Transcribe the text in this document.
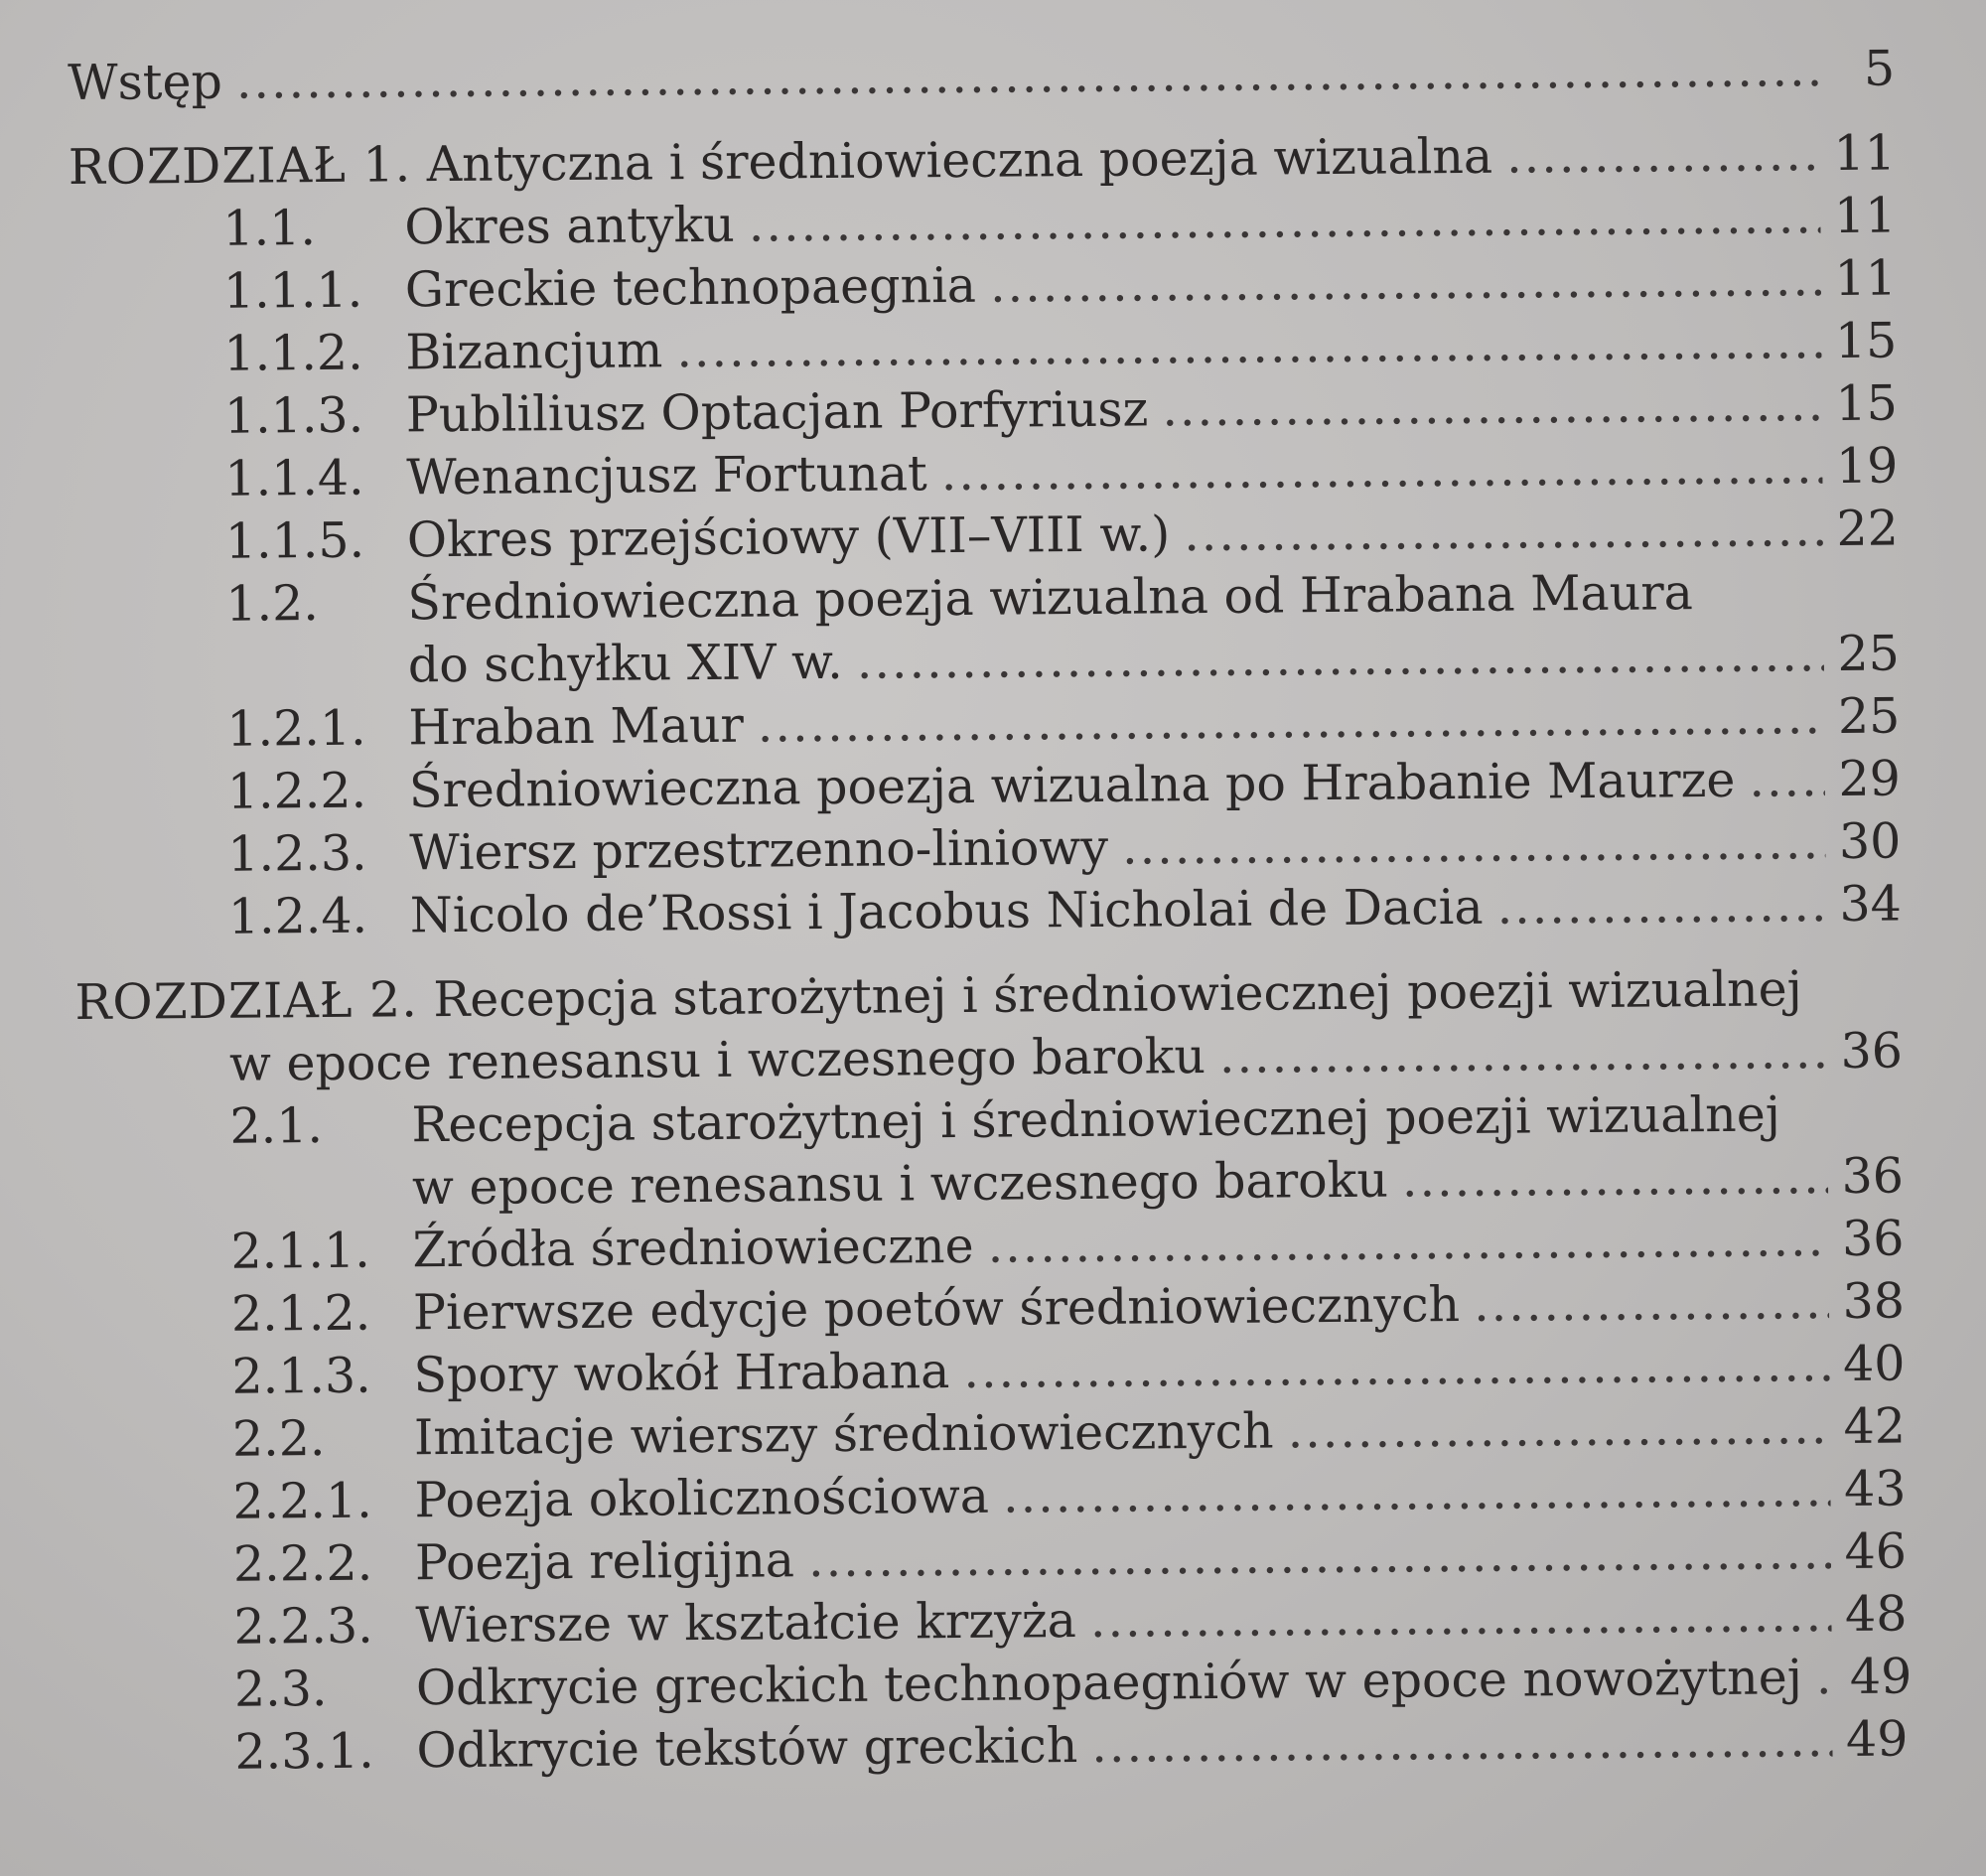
Wstęp .....	5
ROZDZIAŁ 1.
Antyczna i średniowieczna poezja wizualna .....	11
1.1.	Okres antyku .....	11
1.1.1. Greckie technopaegnia .....	11
1.1.2. Bizancjum .....	15
1.1.3. Publiliusz Optacjan Porfyriusz .....	15
1.1.4. Wenancjusz Fortunat .....	19
1.1.5. Okres przejściowy (VII–VIII w.) .....	22
1.2.	Średniowieczna poezja wizualna od Hrabana Maura
do schyłku XIV w. .....	25
1.2.1. Hraban Maur .....	25
1.2.2. Średniowieczna poezja wizualna po Hrabanie Maurze ..... 29
1.2.3. Wiersz przestrzenno-liniowy .....	30
1.2.4. Nicolo de’Rossi i Jacobus Nicholai de Dacia .....	34
ROZDZIAŁ 2.
Recepcja starożytnej i średniowiecznej poezji wizualnej
w epoce renesansu i wczesnego baroku .....	36
2.1.	Recepcja starożytnej i średniowiecznej poezji wizualnej
w epoce renesansu i wczesnego baroku .....	36
2.1.1. Źródła średniowieczne .....	36
2.1.2. Pierwsze edycje poetów średniowiecznych .....	38
2.1.3. Spory wokół Hrabana .....	40
2.2.	Imitacje wierszy średniowiecznych .....	42
2.2.1. Poezja okolicznościowa .....	43
2.2.2. Poezja religijna .....	46
2.2.3. Wiersze w kształcie krzyża .....	48
2.3.	Odkrycie greckich technopaegniów w epoce nowożytnej ..... 49
2.3.1. Odkrycie tekstów greckich .....	49
